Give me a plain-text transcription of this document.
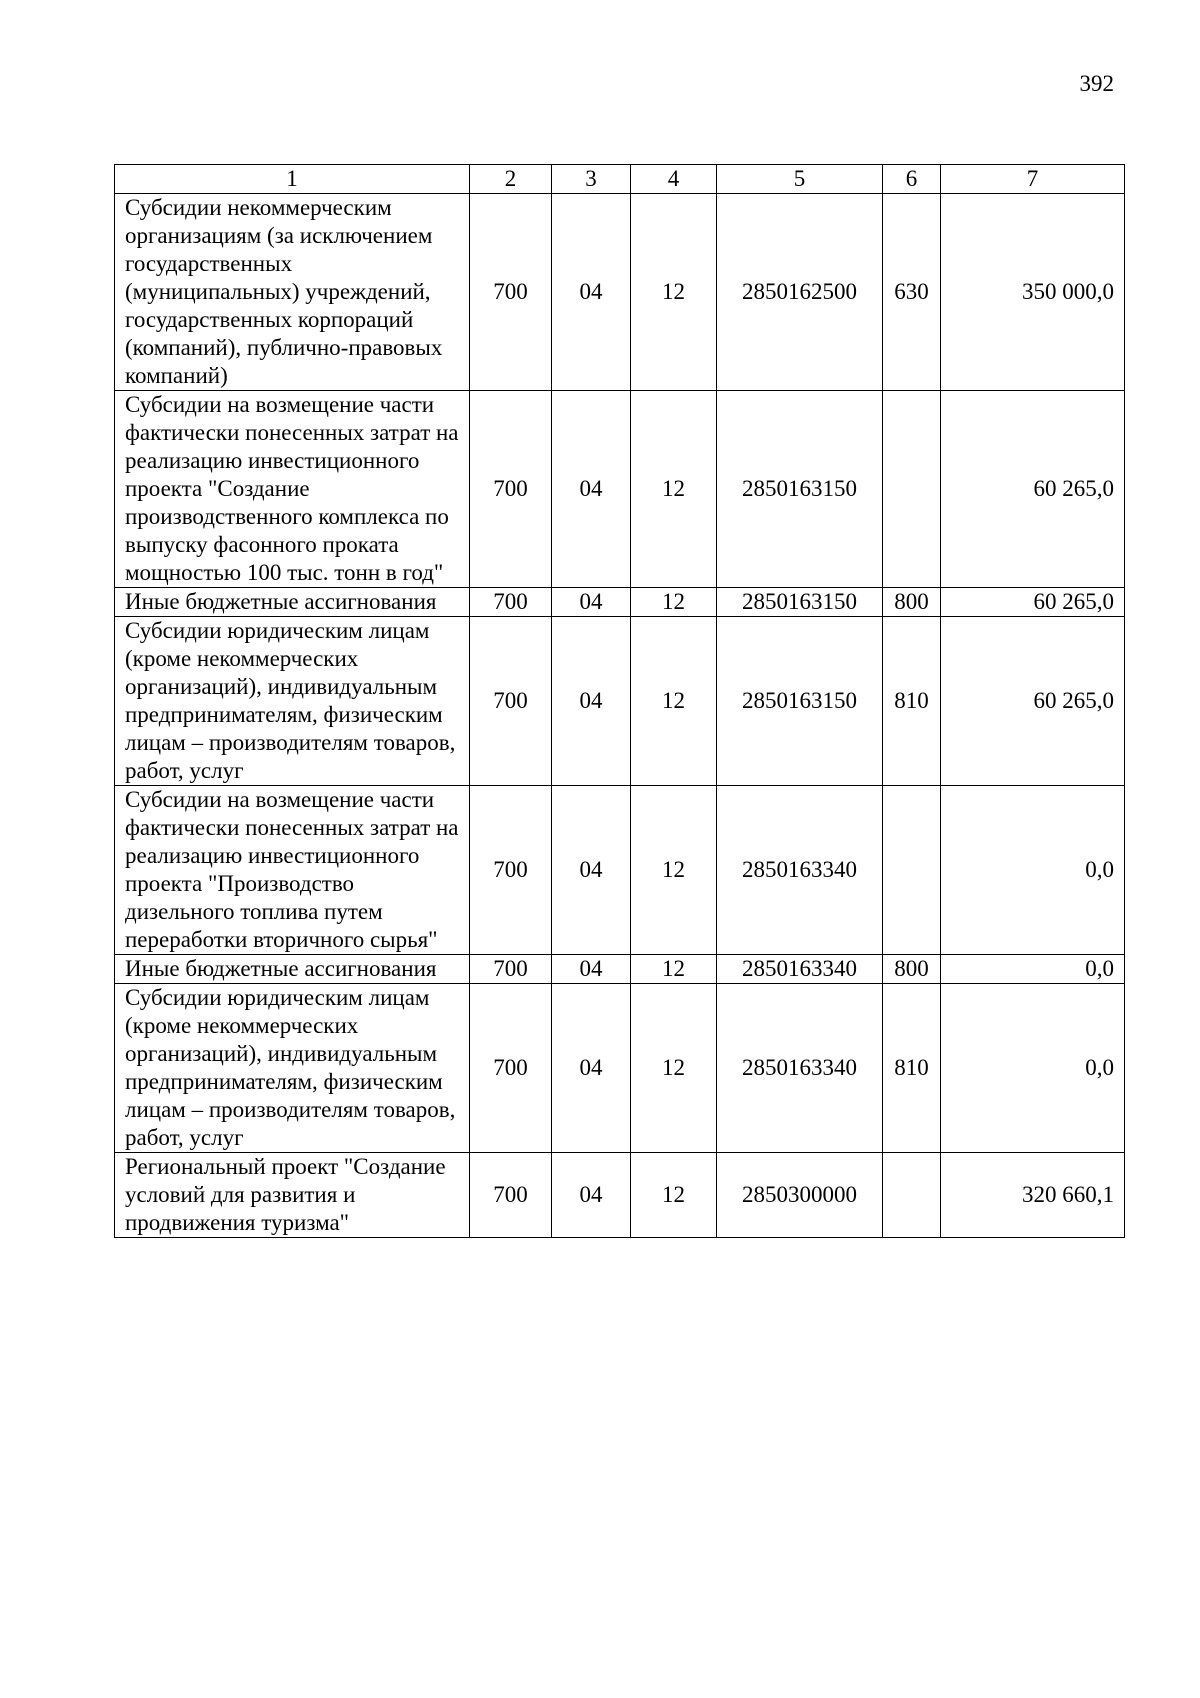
392
1	2	3	4	5	6	7
Субсидии некоммерческим организациям (за исключением государственных (муниципальных) учреждений, государственных корпораций (компаний), публично-правовых компаний)	700	04	12	2850162500	630	350 000,0
Субсидии на возмещение части фактически понесенных затрат на реализацию инвестиционного проекта "Создание производственного комплекса по выпуску фасонного проката мощностью 100 тыс. тонн в год"	700	04	12	2850163150		60 265,0
Иные бюджетные ассигнования	700	04	12	2850163150	800	60 265,0
Субсидии юридическим лицам (кроме некоммерческих организаций), индивидуальным предпринимателям, физическим лицам – производителям товаров, работ, услуг	700	04	12	2850163150	810	60 265,0
Субсидии на возмещение части фактически понесенных затрат на реализацию инвестиционного проекта "Производство дизельного топлива путем переработки вторичного сырья"	700	04	12	2850163340		0,0
Иные бюджетные ассигнования	700	04	12	2850163340	800	0,0
Субсидии юридическим лицам (кроме некоммерческих организаций), индивидуальным предпринимателям, физическим лицам – производителям товаров, работ, услуг	700	04	12	2850163340	810	0,0
Региональный проект "Создание условий для развития и продвижения туризма"	700	04	12	2850300000		320 660,1
